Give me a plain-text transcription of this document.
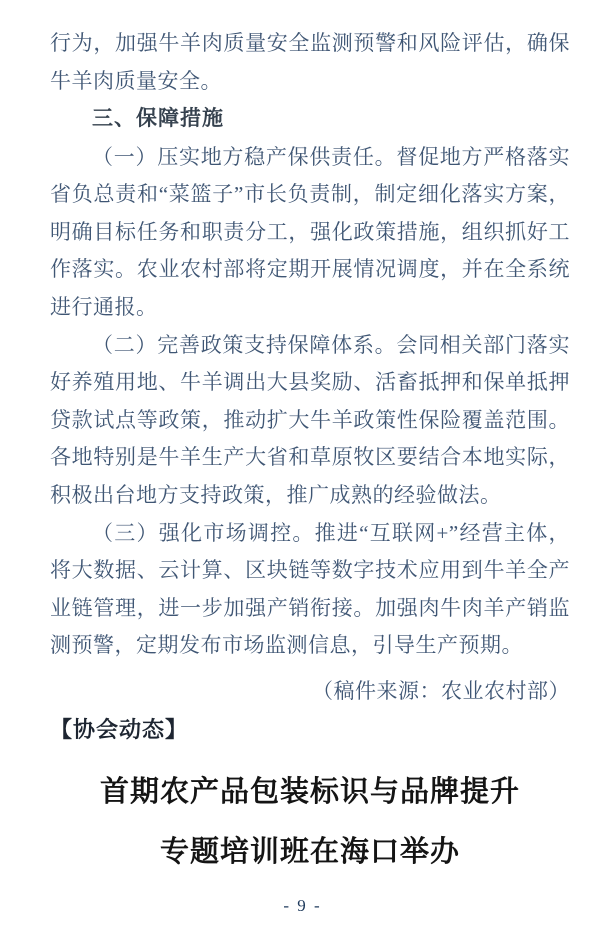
行为，加强牛羊肉质量安全监测预警和风险评估，确保牛羊肉质量安全。

三、保障措施

（一）压实地方稳产保供责任。督促地方严格落实省负总责和“菜篮子”市长负责制，制定细化落实方案，明确目标任务和职责分工，强化政策措施，组织抓好工作落实。农业农村部将定期开展情况调度，并在全系统进行通报。

（二）完善政策支持保障体系。会同相关部门落实好养殖用地、牛羊调出大县奖励、活畜抵押和保单抵押贷款试点等政策，推动扩大牛羊政策性保险覆盖范围。各地特别是牛羊生产大省和草原牧区要结合本地实际，积极出台地方支持政策，推广成熟的经验做法。

（三）强化市场调控。推进“互联网+”经营主体，将大数据、云计算、区块链等数字技术应用到牛羊全产业链管理，进一步加强产销衔接。加强肉牛肉羊产销监测预警，定期发布市场监测信息，引导生产预期。

（稿件来源：农业农村部）

【协会动态】

首期农产品包装标识与品牌提升
专题培训班在海口举办
- 9 -
